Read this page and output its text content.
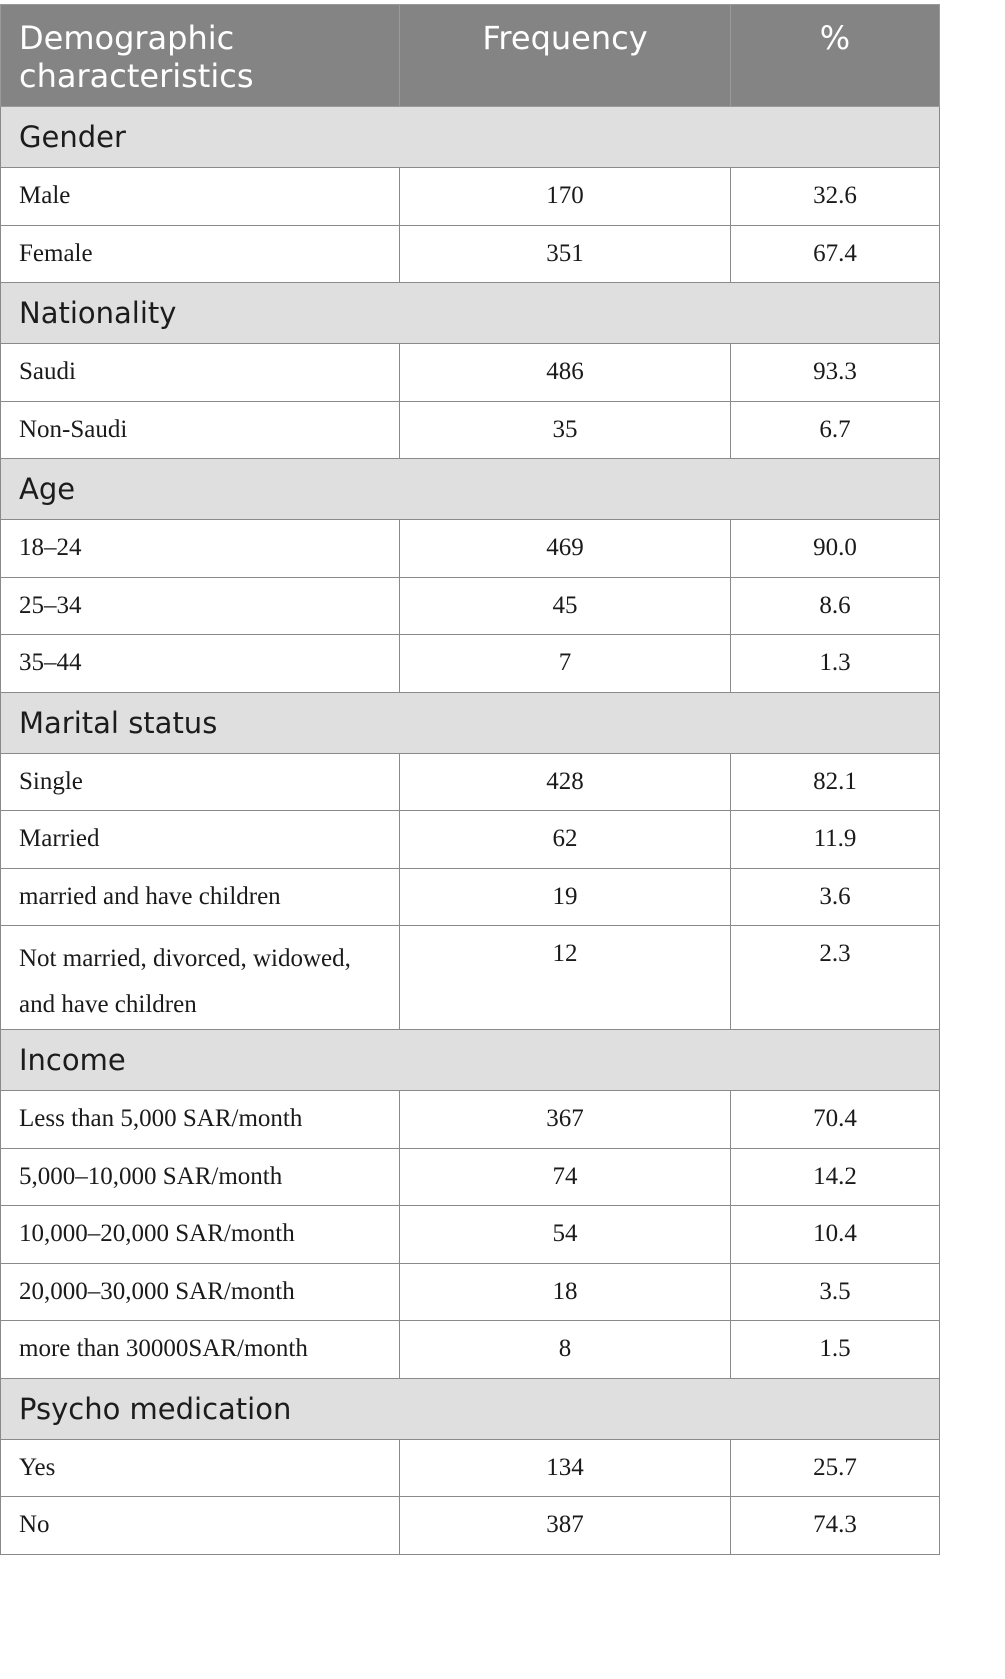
Demographic characteristics	Frequency	%
Gender		
Male	170	32.6
Female	351	67.4
Nationality		
Saudi	486	93.3
Non-Saudi	35	6.7
Age		
18–24	469	90.0
25–34	45	8.6
35–44	7	1.3
Marital status		
Single	428	82.1
Married	62	11.9
married and have children	19	3.6
Not married, divorced, widowed, and have children	12	2.3
Income		
Less than 5,000 SAR/month	367	70.4
5,000–10,000 SAR/month	74	14.2
10,000–20,000 SAR/month	54	10.4
20,000–30,000 SAR/month	18	3.5
more than 30000SAR/month	8	1.5
Psycho medication		
Yes	134	25.7
No	387	74.3
